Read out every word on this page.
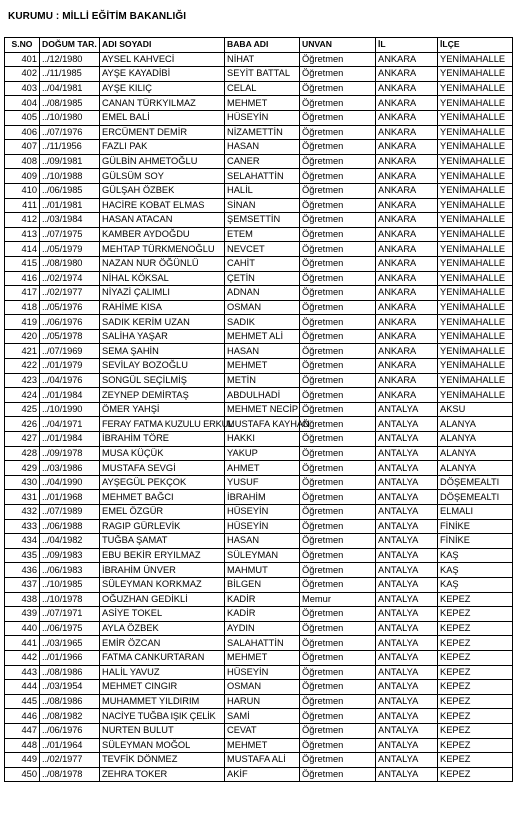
KURUMU : MİLLİ EĞİTİM BAKANLIĞI
S.NO	DOĞUM TAR.	ADI SOYADI	BABA ADI	UNVAN	İL	İLÇE
401	../12/1980	AYSEL KAHVECİ	NİHAT	Öğretmen	ANKARA	YENİMAHALLE
402	../11/1985	AYŞE KAYADİBİ	SEYİT BATTAL	Öğretmen	ANKARA	YENİMAHALLE
403	../04/1981	AYŞE KILIÇ	CELAL	Öğretmen	ANKARA	YENİMAHALLE
404	../08/1985	CANAN TÜRKYILMAZ	MEHMET	Öğretmen	ANKARA	YENİMAHALLE
405	../10/1980	EMEL BALİ	HÜSEYİN	Öğretmen	ANKARA	YENİMAHALLE
406	../07/1976	ERCÜMENT DEMİR	NİZAMETTİN	Öğretmen	ANKARA	YENİMAHALLE
407	../11/1956	FAZLI PAK	HASAN	Öğretmen	ANKARA	YENİMAHALLE
408	../09/1981	GÜLBİN AHMETOĞLU	CANER	Öğretmen	ANKARA	YENİMAHALLE
409	../10/1988	GÜLSÜM SOY	SELAHATTİN	Öğretmen	ANKARA	YENİMAHALLE
410	../06/1985	GÜLŞAH ÖZBEK	HALİL	Öğretmen	ANKARA	YENİMAHALLE
411	../01/1981	HACİRE KOBAT ELMAS	SİNAN	Öğretmen	ANKARA	YENİMAHALLE
412	../03/1984	HASAN ATACAN	ŞEMSETTİN	Öğretmen	ANKARA	YENİMAHALLE
413	../07/1975	KAMBER AYDOĞDU	ETEM	Öğretmen	ANKARA	YENİMAHALLE
414	../05/1979	MEHTAP TÜRKMENOĞLU	NEVCET	Öğretmen	ANKARA	YENİMAHALLE
415	../08/1980	NAZAN NUR ÖĞÜNLÜ	CAHİT	Öğretmen	ANKARA	YENİMAHALLE
416	../02/1974	NİHAL KÖKSAL	ÇETİN	Öğretmen	ANKARA	YENİMAHALLE
417	../02/1977	NİYAZİ ÇALIMLI	ADNAN	Öğretmen	ANKARA	YENİMAHALLE
418	../05/1976	RAHİME KISA	OSMAN	Öğretmen	ANKARA	YENİMAHALLE
419	../06/1976	SADIK KERİM UZAN	SADIK	Öğretmen	ANKARA	YENİMAHALLE
420	../05/1978	SALİHA YAŞAR	MEHMET ALİ	Öğretmen	ANKARA	YENİMAHALLE
421	../07/1969	SEMA ŞAHİN	HASAN	Öğretmen	ANKARA	YENİMAHALLE
422	../01/1979	SEVİLAY BOZOĞLU	MEHMET	Öğretmen	ANKARA	YENİMAHALLE
423	../04/1976	SONGÜL SEÇİLMİŞ	METİN	Öğretmen	ANKARA	YENİMAHALLE
424	../01/1984	ZEYNEP DEMİRTAŞ	ABDULHADİ	Öğretmen	ANKARA	YENİMAHALLE
425	../10/1990	ÖMER YAHŞİ	MEHMET NECİP	Öğretmen	ANTALYA	AKSU
426	../04/1971	FERAY FATMA KUZULU ERKUL	MUSTAFA KAYHAN	Öğretmen	ANTALYA	ALANYA
427	../01/1984	İBRAHİM TÖRE	HAKKI	Öğretmen	ANTALYA	ALANYA
428	../09/1978	MUSA KÜÇÜK	YAKUP	Öğretmen	ANTALYA	ALANYA
429	../03/1986	MUSTAFA SEVGİ	AHMET	Öğretmen	ANTALYA	ALANYA
430	../04/1990	AYŞEGÜL PEKÇOK	YUSUF	Öğretmen	ANTALYA	DÖŞEMEALTI
431	../01/1968	MEHMET BAĞCI	İBRAHİM	Öğretmen	ANTALYA	DÖŞEMEALTI
432	../07/1989	EMEL ÖZGÜR	HÜSEYİN	Öğretmen	ANTALYA	ELMALI
433	../06/1988	RAGIP GÜRLEVİK	HÜSEYİN	Öğretmen	ANTALYA	FİNİKE
434	../04/1982	TUĞBA ŞAMAT	HASAN	Öğretmen	ANTALYA	FİNİKE
435	../09/1983	EBU BEKİR ERYILMAZ	SÜLEYMAN	Öğretmen	ANTALYA	KAŞ
436	../06/1983	İBRAHİM ÜNVER	MAHMUT	Öğretmen	ANTALYA	KAŞ
437	../10/1985	SÜLEYMAN KORKMAZ	BİLGEN	Öğretmen	ANTALYA	KAŞ
438	../10/1978	OĞUZHAN GEDİKLİ	KADİR	Memur	ANTALYA	KEPEZ
439	../07/1971	ASİYE TOKEL	KADİR	Öğretmen	ANTALYA	KEPEZ
440	../06/1975	AYLA ÖZBEK	AYDIN	Öğretmen	ANTALYA	KEPEZ
441	../03/1965	EMİR ÖZCAN	SALAHATTİN	Öğretmen	ANTALYA	KEPEZ
442	../01/1966	FATMA CANKURTARAN	MEHMET	Öğretmen	ANTALYA	KEPEZ
443	../08/1986	HALİL YAVUZ	HÜSEYİN	Öğretmen	ANTALYA	KEPEZ
444	../03/1954	MEHMET CINGIR	OSMAN	Öğretmen	ANTALYA	KEPEZ
445	../08/1986	MUHAMMET YILDIRIM	HARUN	Öğretmen	ANTALYA	KEPEZ
446	../08/1982	NACİYE TUĞBA IŞIK ÇELİK	SAMİ	Öğretmen	ANTALYA	KEPEZ
447	../06/1976	NURTEN BULUT	CEVAT	Öğretmen	ANTALYA	KEPEZ
448	../01/1964	SÜLEYMAN MOĞOL	MEHMET	Öğretmen	ANTALYA	KEPEZ
449	../02/1977	TEVFİK DÖNMEZ	MUSTAFA ALİ	Öğretmen	ANTALYA	KEPEZ
450	../08/1978	ZEHRA TOKER	AKİF	Öğretmen	ANTALYA	KEPEZ
